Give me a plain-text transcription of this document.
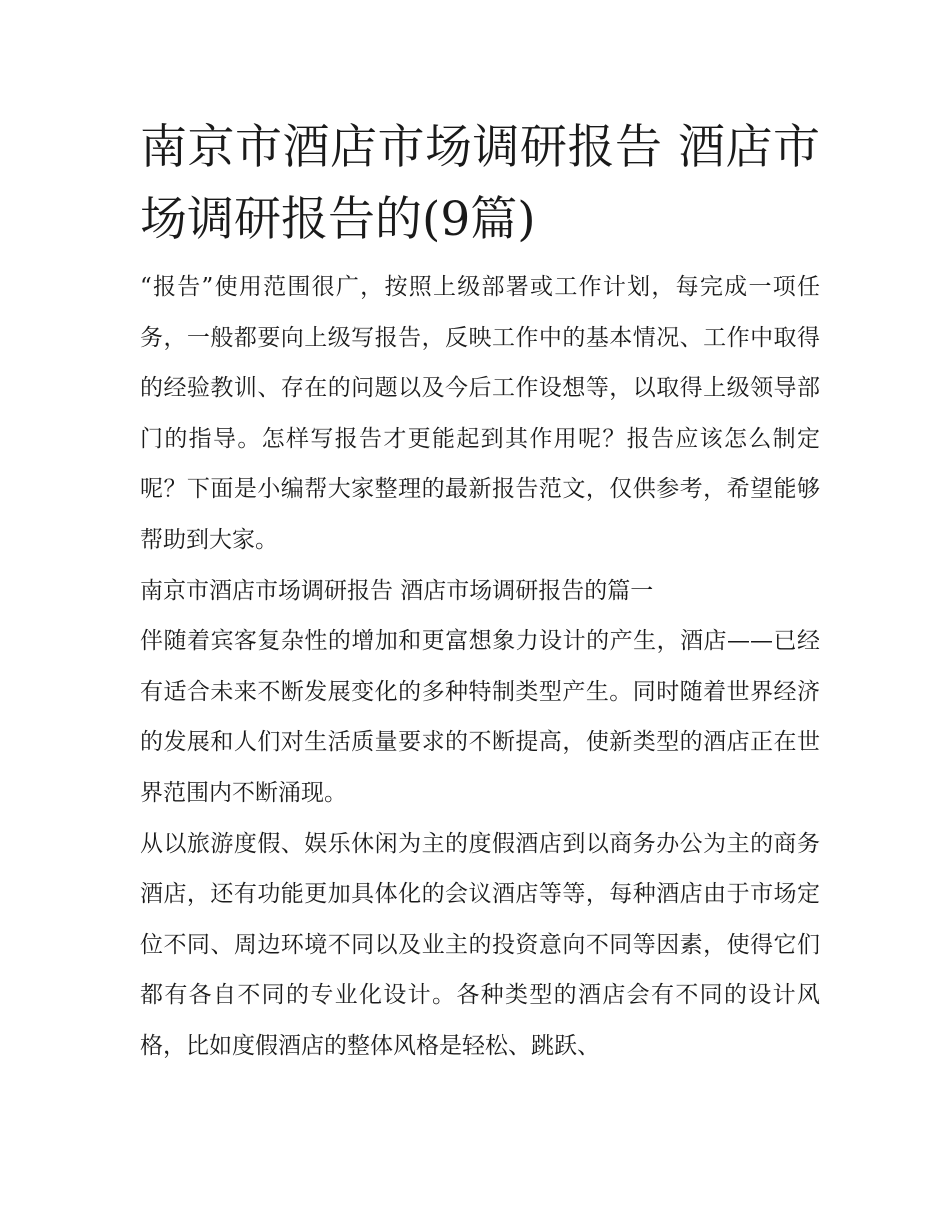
南京市酒店市场调研报告 酒店市场调研报告的(9篇)

“报告”使用范围很广，按照上级部署或工作计划，每完成一项任务，一般都要向上级写报告，反映工作中的基本情况、工作中取得的经验教训、存在的问题以及今后工作设想等，以取得上级领导部门的指导。怎样写报告才更能起到其作用呢？报告应该怎么制定呢？下面是小编帮大家整理的最新报告范文，仅供参考，希望能够帮助到大家。

南京市酒店市场调研报告 酒店市场调研报告的篇一

伴随着宾客复杂性的增加和更富想象力设计的产生，酒店——已经有适合未来不断发展变化的多种特制类型产生。同时随着世界经济的发展和人们对生活质量要求的不断提高，使新类型的酒店正在世界范围内不断涌现。

从以旅游度假、娱乐休闲为主的度假酒店到以商务办公为主的商务酒店，还有功能更加具体化的会议酒店等等，每种酒店由于市场定位不同、周边环境不同以及业主的投资意向不同等因素，使得它们都有各自不同的专业化设计。各种类型的酒店会有不同的设计风格，比如度假酒店的整体风格是轻松、跳跃、
